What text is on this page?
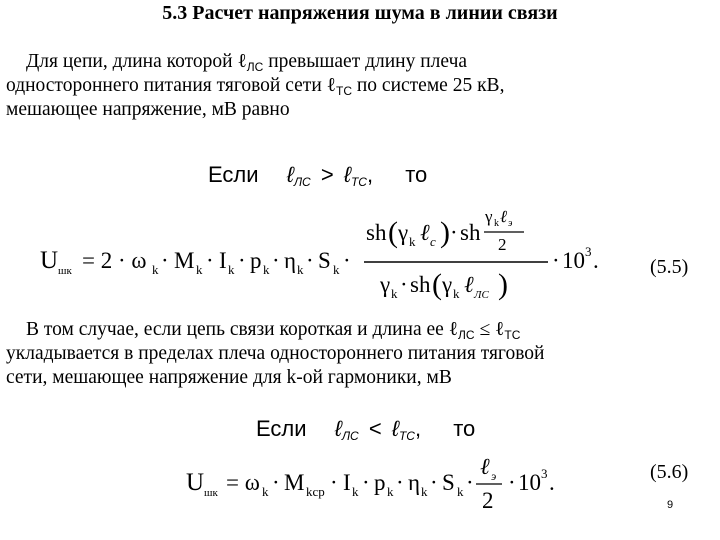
5.3 Расчет напряжения шума в линии связи
Для цепи, длина которой ℓ$_{ЛС}$ превышает длину плеча
одностороннего питания тяговой сети ℓ$_{ТС}$ по системе 25 кВ,
мешающее напряжение, мВ равно
Если ℓ$_{ЛС}$ > ℓ$_{ТС}$, то
U шк = 2 · ω k · M k · I k · p k · η k · S k ·
sh ( γ k ℓ с ) · sh
γ k ℓ э
2
γ k · sh ( γ k ℓ ЛС )
· 10 3 .	(5.5)
В том случае, если цепь связи короткая и длина ее ℓ$_{ЛС}$ ≤ ℓ$_{ТС}$
укладывается в пределах плеча одностороннего питания тяговой
сети, мешающее напряжение для k-ой гармоники, мВ
Если ℓ$_{ЛС}$ < ℓ$_{ТС}$, то
U шк = ω k · M kср · I k · p k · η k · S k ·
ℓ э
2
· 10 3 .	(5.6)
9
